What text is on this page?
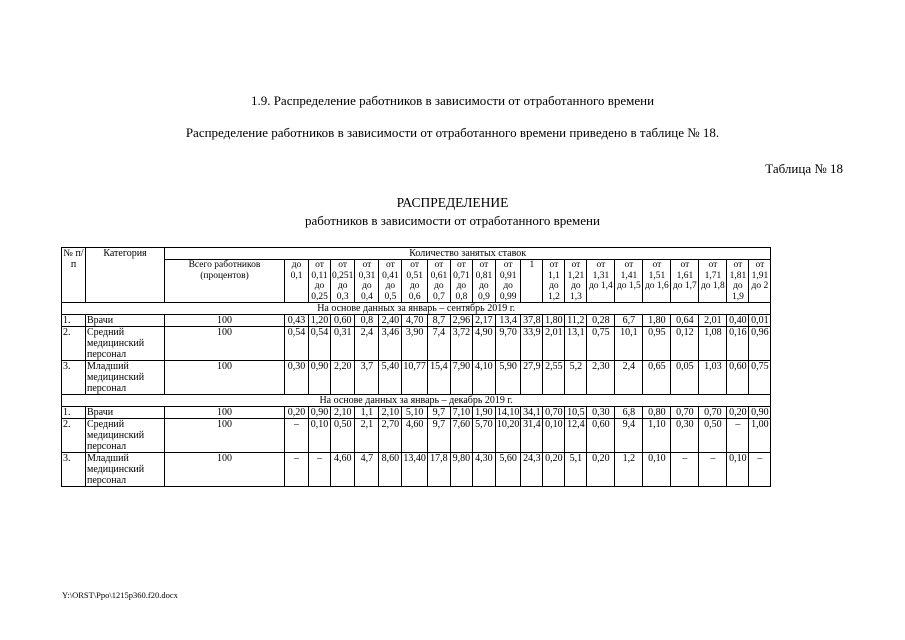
1.9. Распределение работников в зависимости от отработанного времени
Распределение работников в зависимости от отработанного времени приведено в таблице № 18.
Таблица № 18
РАСПРЕДЕЛЕНИЕ
работников в зависимости от отработанного времени
№ п/п	Категория	Количество занятых ставок																				
		Всего работников (процентов)	до 0,1	от 0,11 до 0,25	от 0,251 до 0,3	от 0,31 до 0,4	от 0,41 до 0,5	от 0,51 до 0,6	от 0,61 до 0,7	от 0,71 до 0,8	от 0,81 до 0,9	от 0,91 до 0,99	1	от 1,1 до 1,2	от 1,21 до 1,3	от 1,31 до 1,4	от 1,41 до 1,5	от 1,51 до 1,6	от 1,61 до 1,7	от 1,71 до 1,8	от 1,81 до 1,9	от 1,91 до 2
На основе данных за январь – сентябрь 2019 г.																						
1.	Врачи	100	0,43	1,20	0,60	0,8	2,40	4,70	8,7	2,96	2,17	13,4	37,8	1,80	11,2	0,28	6,7	1,80	0,64	2,01	0,40	0,01
2.	Средний медицинский персонал	100	0,54	0,54	0,31	2,4	3,46	3,90	7,4	3,72	4,90	9,70	33,9	2,01	13,1	0,75	10,1	0,95	0,12	1,08	0,16	0,96
3.	Младший медицинский персонал	100	0,30	0,90	2,20	3,7	5,40	10,77	15,4	7,90	4,10	5,90	27,9	2,55	5,2	2,30	2,4	0,65	0,05	1,03	0,60	0,75
На основе данных за январь – декабрь 2019 г.																						
1.	Врачи	100	0,20	0,90	2,10	1,1	2,10	5,10	9,7	7,10	1,90	14,10	34,1	0,70	10,5	0,30	6,8	0,80	0,70	0,70	0,20	0,90
2.	Средний медицинский персонал	100	–	0,10	0,50	2,1	2,70	4,60	9,7	7,60	5,70	10,20	31,4	0,10	12,4	0,60	9,4	1,10	0,30	0,50	–	1,00
3.	Младший медицинский персонал	100	–	–	4,60	4,7	8,60	13,40	17,8	9,80	4,30	5,60	24,3	0,20	5,1	0,20	1,2	0,10	–	–	0,10	–
Y:\ORST\Ppo\1215p360.f20.docx
